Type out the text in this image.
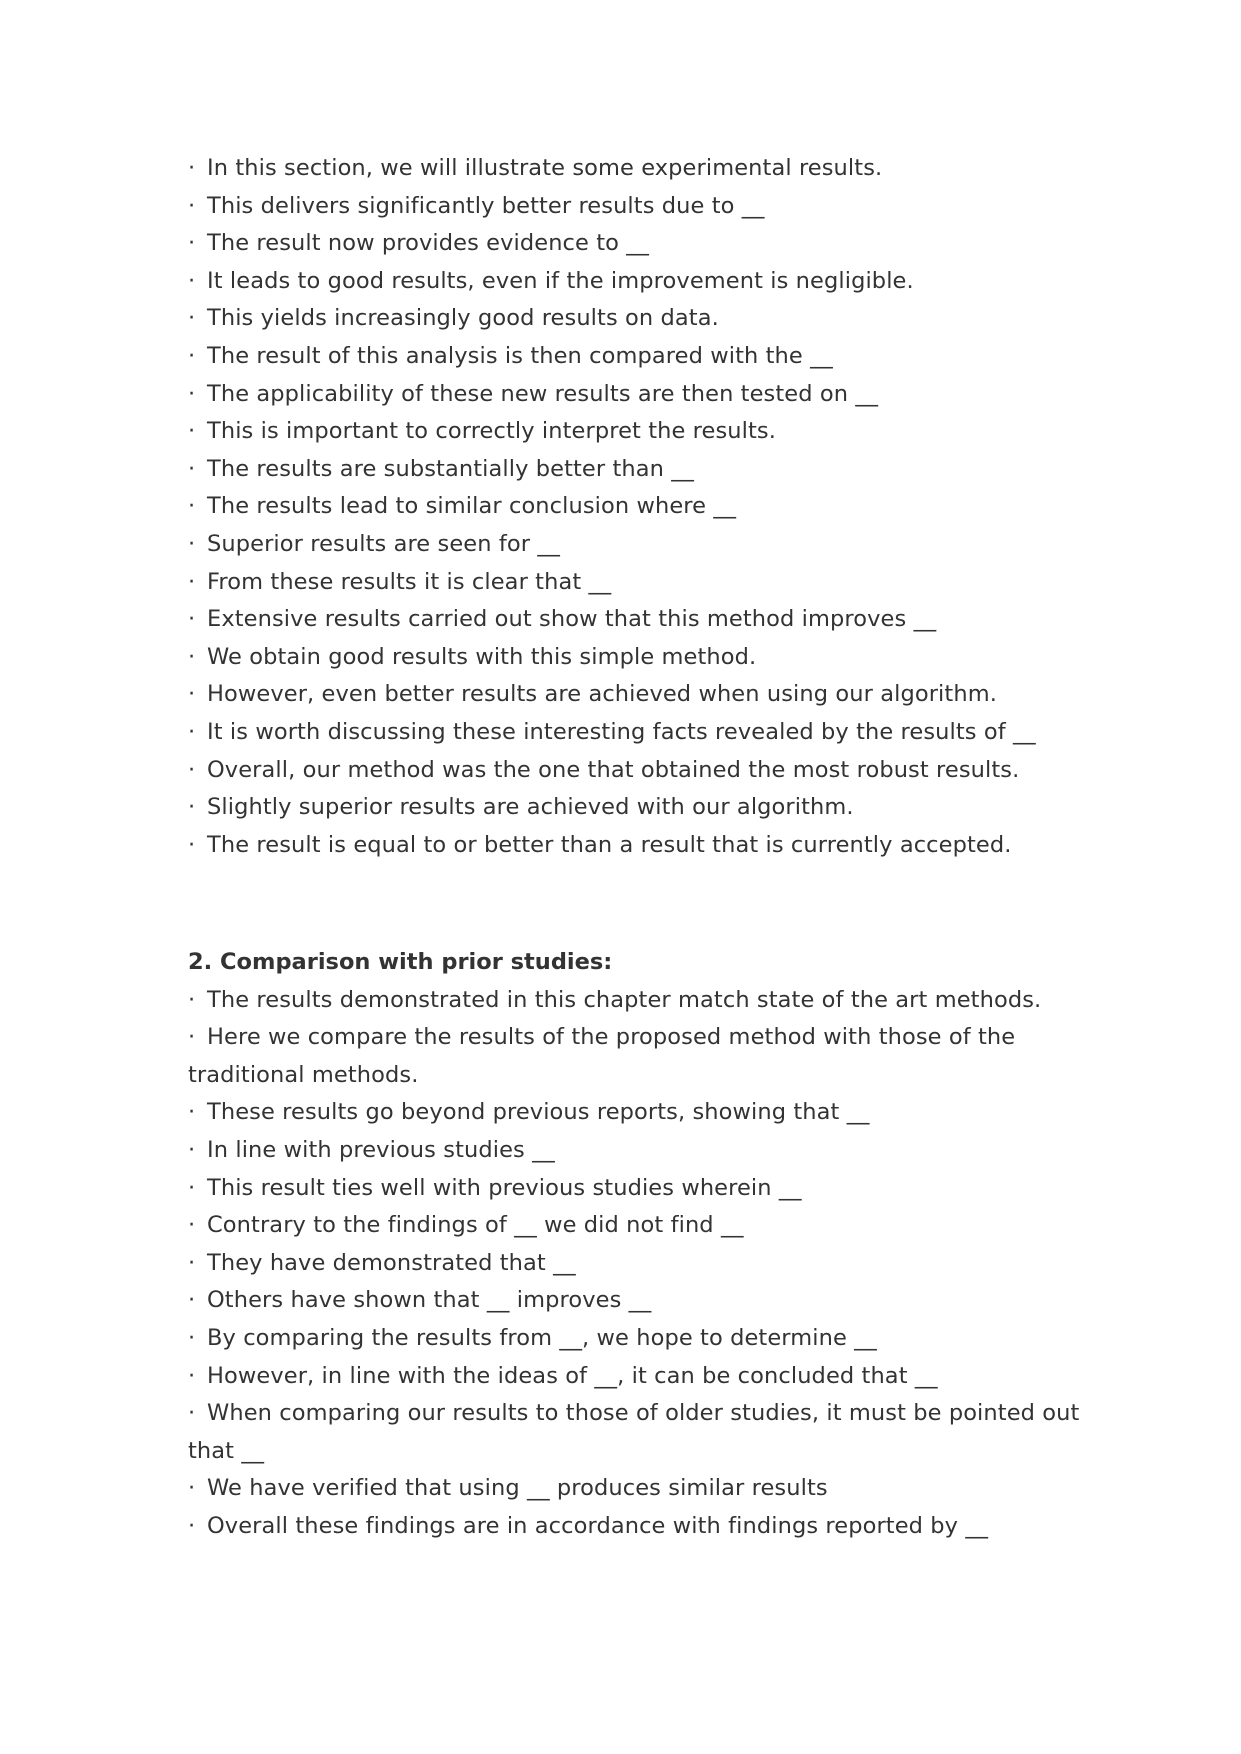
· In this section, we will illustrate some experimental results.
· This delivers significantly better results due to __
· The result now provides evidence to __
· It leads to good results, even if the improvement is negligible.
· This yields increasingly good results on data.
· The result of this analysis is then compared with the __
· The applicability of these new results are then tested on __
· This is important to correctly interpret the results.
· The results are substantially better than __
· The results lead to similar conclusion where __
· Superior results are seen for __
· From these results it is clear that __
· Extensive results carried out show that this method improves __
· We obtain good results with this simple method.
· However, even better results are achieved when using our algorithm.
· It is worth discussing these interesting facts revealed by the results of __
· Overall, our method was the one that obtained the most robust results.
· Slightly superior results are achieved with our algorithm.
· The result is equal to or better than a result that is currently accepted.
2. Comparison with prior studies:
· The results demonstrated in this chapter match state of the art methods.
· Here we compare the results of the proposed method with those of the traditional methods.
· These results go beyond previous reports, showing that __
· In line with previous studies __
· This result ties well with previous studies wherein __
· Contrary to the findings of __ we did not find __
· They have demonstrated that __
· Others have shown that __ improves __
· By comparing the results from __, we hope to determine __
· However, in line with the ideas of __, it can be concluded that __
· When comparing our results to those of older studies, it must be pointed out that __
· We have verified that using __ produces similar results
· Overall these findings are in accordance with findings reported by __
